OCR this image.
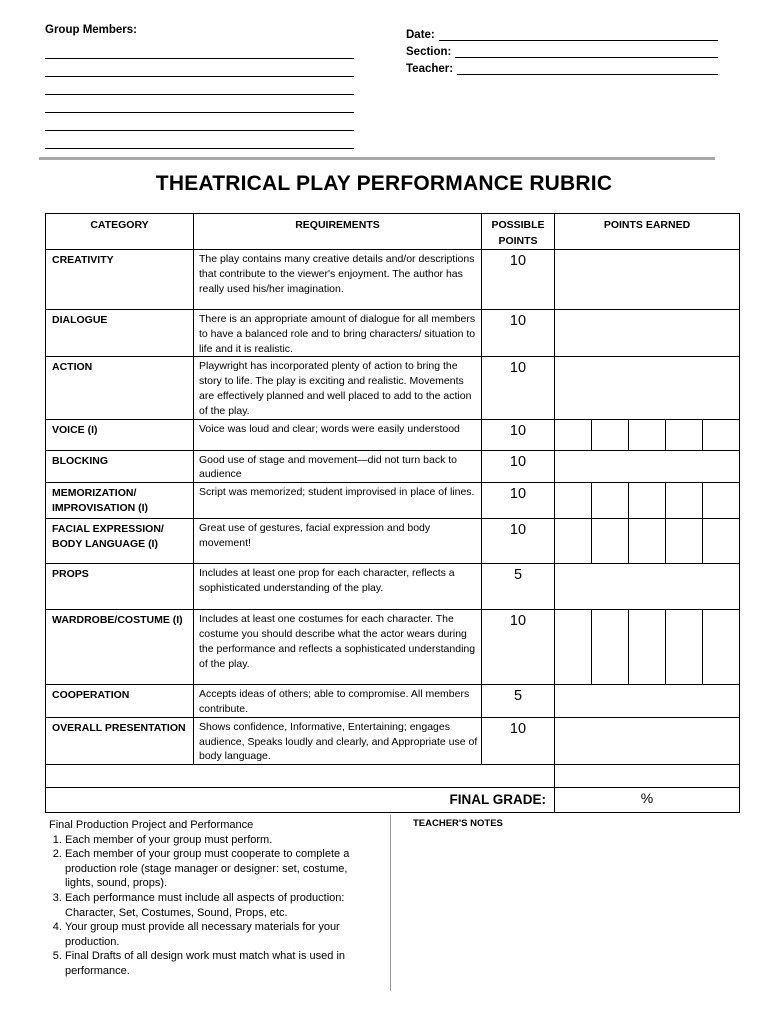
Group Members:	Date:
Section:
Teacher:
THEATRICAL PLAY PERFORMANCE RUBRIC
CATEGORY	REQUIREMENTS	POSSIBLE POINTS	POINTS EARNED
CREATIVITY	The play contains many creative details and/or descriptions that contribute to the viewer's enjoyment. The author has really used his/her imagination.	10	
DIALOGUE	There is an appropriate amount of dialogue for all members to have a balanced role and to bring characters/ situation to life and it is realistic.	10	
ACTION	Playwright has incorporated plenty of action to bring the story to life. The play is exciting and realistic. Movements are effectively planned and well placed to add to the action of the play.	10	
VOICE (I)	Voice was loud and clear; words were easily understood	10	

BLOCKING	Good use of stage and movement—did not turn back to audience	10	
MEMORIZATION/ IMPROVISATION (I)	Script was memorized; student improvised in place of lines.	10	

FACIAL EXPRESSION/ BODY LANGUAGE (I)	Great use of gestures, facial expression and body movement!	10	

PROPS	Includes at least one prop for each character, reflects a sophisticated understanding of the play.	5	
WARDROBE/COSTUME (I)	Includes at least one costumes for each character. The costume you should describe what the actor wears during the performance and reflects a sophisticated understanding of the play.	10	

COOPERATION	Accepts ideas of others; able to compromise. All members contribute.	5	
OVERALL PRESENTATION	Shows confidence, Informative, Entertaining; engages audience, Speaks loudly and clearly, and Appropriate use of body language.	10	

FINAL GRADE:			%
Final Production Project and Performance
1. Each member of your group must perform.
2. Each member of your group must cooperate to complete a production role (stage manager or designer: set, costume, lights, sound, props).
3. Each performance must include all aspects of production: Character, Set, Costumes, Sound, Props, etc.
4. Your group must provide all necessary materials for your production.
5. Final Drafts of all design work must match what is used in performance.
TEACHER'S NOTES
